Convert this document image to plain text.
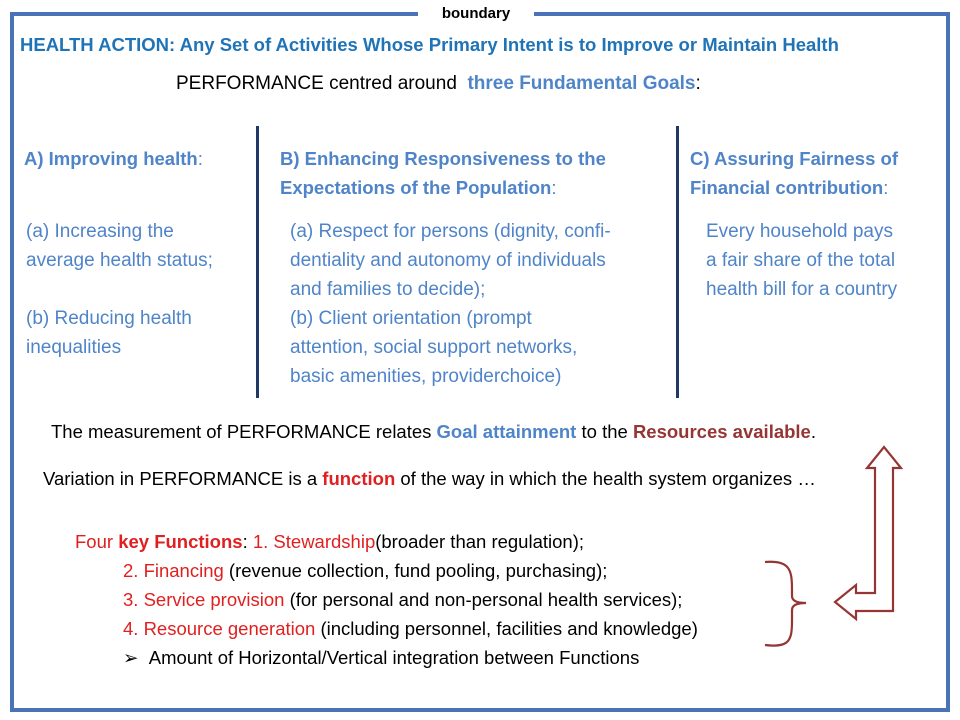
boundary
HEALTH ACTION: Any Set of Activities Whose Primary Intent is to Improve or Maintain Health
PERFORMANCE centred around three Fundamental Goals:
A) Improving health:
(a) Increasing the
average health status;
(b) Reducing health
inequalities
B) Enhancing Responsiveness to the
Expectations of the Population:
(a) Respect for persons (dignity, confi-
dentiality and autonomy of individuals
and families to decide);
(b) Client orientation (prompt
attention, social support networks,
basic amenities, providerchoice)
C) Assuring Fairness of
Financial contribution:
Every household pays
a fair share of the total
health bill for a country
The measurement of PERFORMANCE relates Goal attainment to the Resources available.
Variation in PERFORMANCE is a function of the way in which the health system organizes …
Four key Functions: 1. Stewardship(broader than regulation);
2. Financing (revenue collection, fund pooling, purchasing);
3. Service provision (for personal and non-personal health services);
4. Resource generation (including personnel, facilities and knowledge)
➢ Amount of Horizontal/Vertical integration between Functions
